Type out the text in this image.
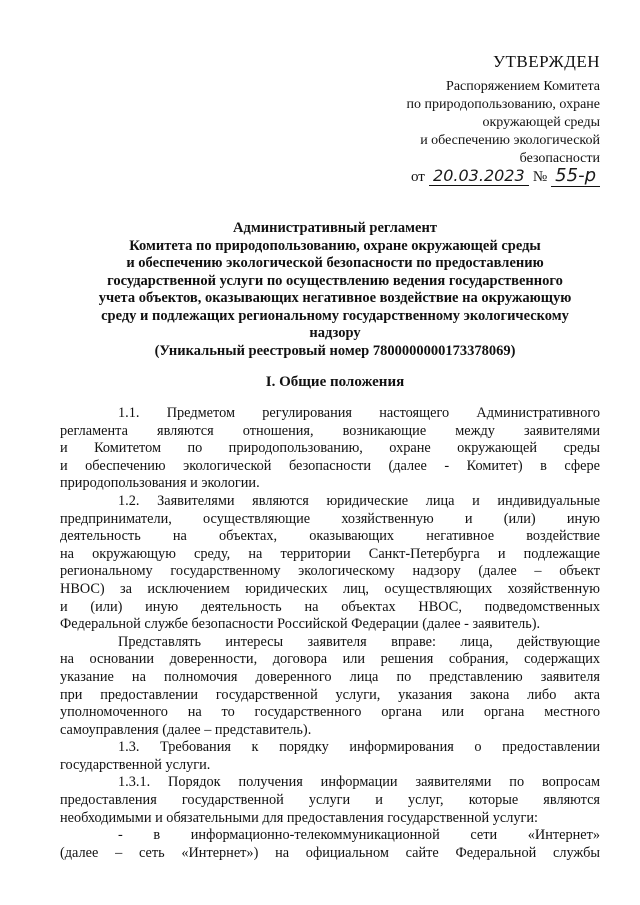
УТВЕРЖДЕН
Распоряжением Комитета
по природопользованию, охране
окружающей среды
и обеспечению экологической
безопасности
от 20.03.2023 № 55-р
Административный регламент
Комитета по природопользованию, охране окружающей среды
и обеспечению экологической безопасности по предоставлению
государственной услуги по осуществлению ведения государственного
учета объектов, оказывающих негативное воздействие на окружающую
среду и подлежащих региональному государственному экологическому
надзору
(Уникальный реестровый номер 7800000000173378069)
I. Общие положения
1.1. Предметом регулирования настоящего Административного
регламента являются отношения, возникающие между заявителями
и Комитетом по природопользованию, охране окружающей среды
и обеспечению экологической безопасности (далее - Комитет) в сфере
природопользования и экологии.
1.2. Заявителями являются юридические лица и индивидуальные
предприниматели, осуществляющие хозяйственную и (или) иную
деятельность на объектах, оказывающих негативное воздействие
на окружающую среду, на территории Санкт-Петербурга и подлежащие
региональному государственному экологическому надзору (далее – объект
НВОС) за исключением юридических лиц, осуществляющих хозяйственную
и (или) иную деятельность на объектах НВОС, подведомственных
Федеральной службе безопасности Российской Федерации (далее - заявитель).
Представлять интересы заявителя вправе: лица, действующие
на основании доверенности, договора или решения собрания, содержащих
указание на полномочия доверенного лица по представлению заявителя
при предоставлении государственной услуги, указания закона либо акта
уполномоченного на то государственного органа или органа местного
самоуправления (далее – представитель).
1.3. Требования к порядку информирования о предоставлении
государственной услуги.
1.3.1. Порядок получения информации заявителями по вопросам
предоставления государственной услуги и услуг, которые являются
необходимыми и обязательными для предоставления государственной услуги:
- в информационно-телекоммуникационной сети «Интернет»
(далее – сеть «Интернет») на официальном сайте Федеральной службы
